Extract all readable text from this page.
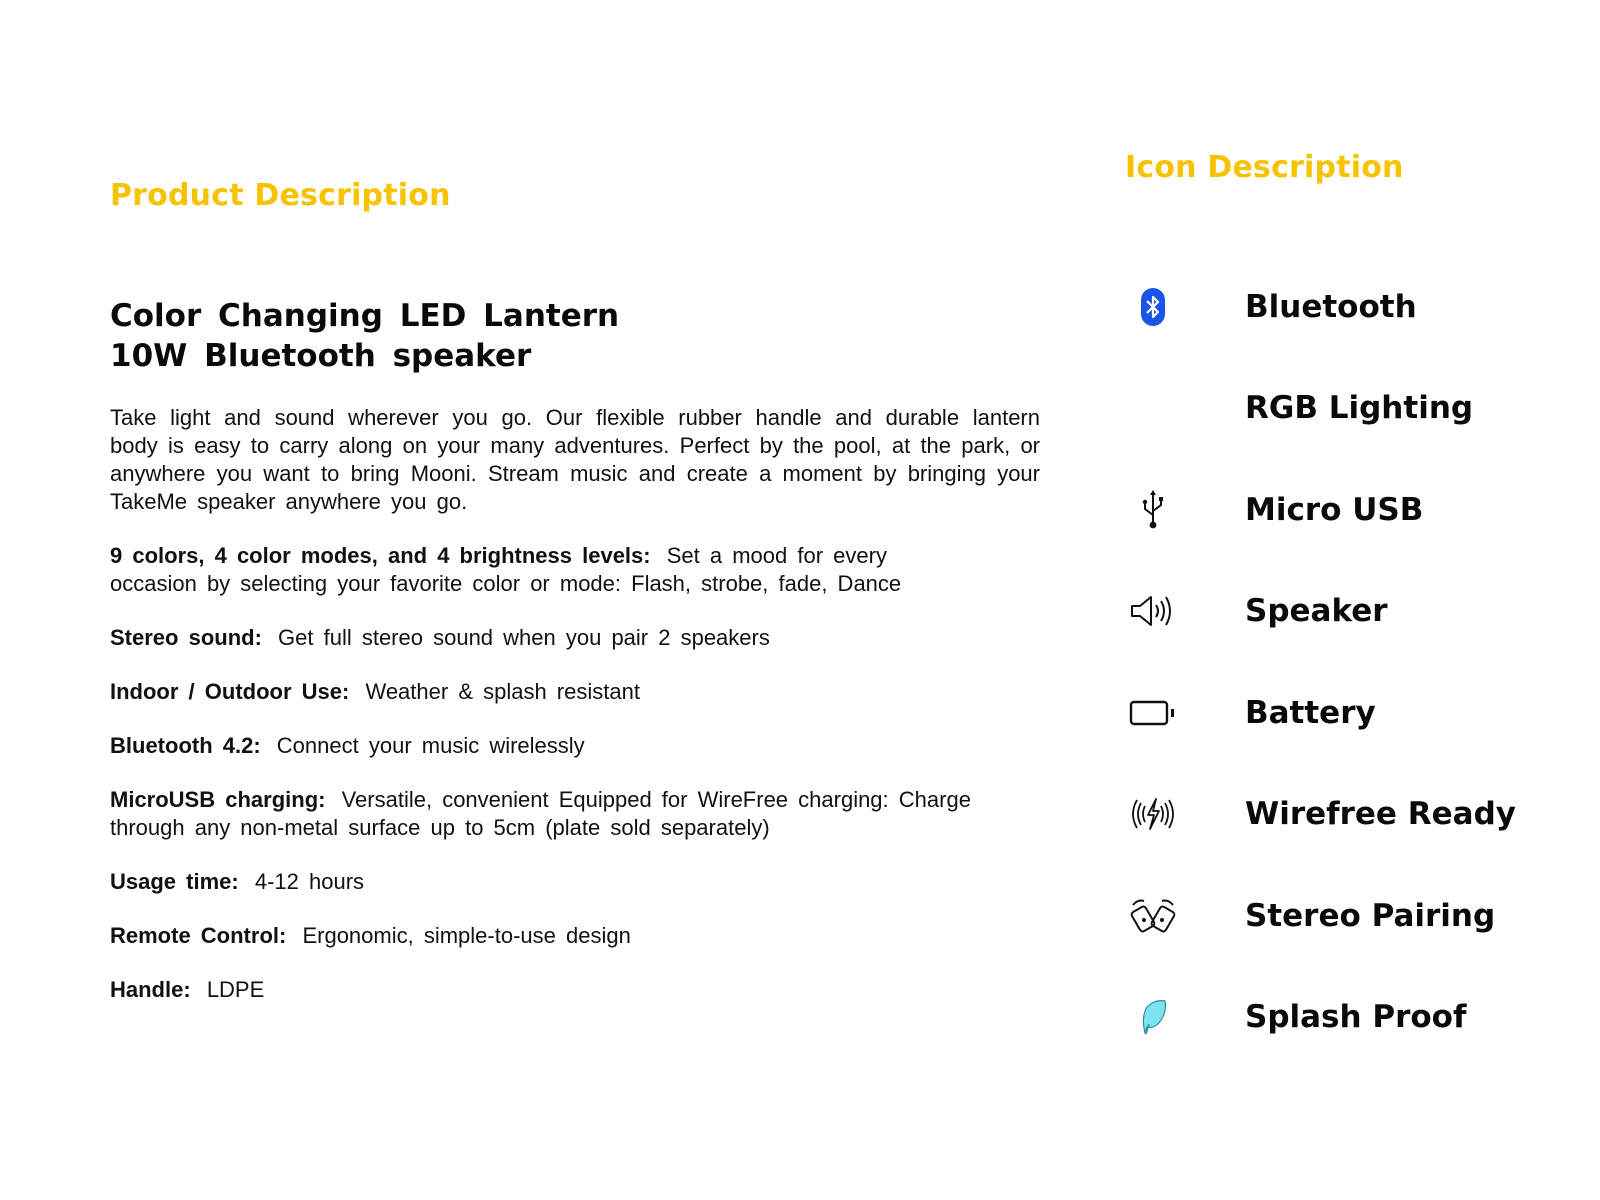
Product Description
Color Changing LED Lantern
10W Bluetooth speaker

Take light and sound wherever you go. Our flexible rubber handle and durable lantern body is easy to carry along on your many adventures. Perfect by the pool, at the park, or anywhere you want to bring Mooni. Stream music and create a moment by bringing your TakeMe speaker anywhere you go.

9 colors, 4 color modes, and 4 brightness levels: Set a mood for every occasion by selecting your favorite color or mode: Flash, strobe, fade, Dance

Stereo sound: Get full stereo sound when you pair 2 speakers

Indoor / Outdoor Use: Weather & splash resistant

Bluetooth 4.2: Connect your music wirelessly

MicroUSB charging: Versatile, convenient Equipped for WireFree charging: Charge through any non-metal surface up to 5cm (plate sold separately)

Usage time: 4-12 hours

Remote Control: Ergonomic, simple-to-use design

Handle: LDPE

Icon Description
Bluetooth
RGB Lighting
Micro USB
Speaker
Battery
Wirefree Ready
Stereo Pairing
Splash Proof
